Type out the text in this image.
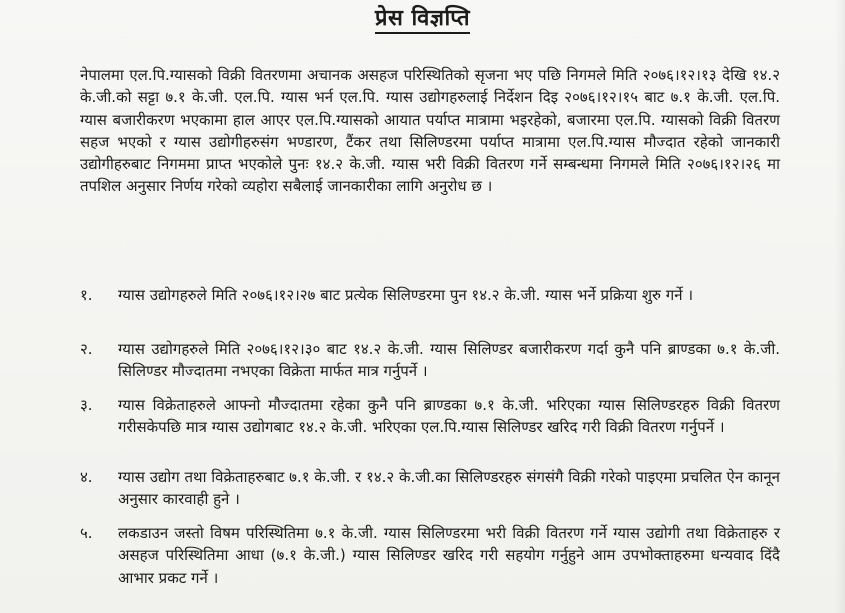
प्रेस विज्ञप्ति

नेपालमा एल.पि.ग्यासको विक्री वितरणमा अचानक असहज परिस्थितिको सृजना भए पछि निगमले मिति २०७६।१२।१३ देखि १४.२ के.जी.को सट्टा ७.१ के.जी. एल.पि. ग्यास भर्न एल.पि. ग्यास उद्योगहरुलाई निर्देशन दिइ २०७६।१२।१५ बाट ७.१ के.जी. एल.पि. ग्यास बजारीकरण भएकामा हाल आएर एल.पि.ग्यासको आयात पर्याप्त मात्रामा भइरहेको, बजारमा एल.पि. ग्यासको विक्री वितरण सहज भएको र ग्यास उद्योगीहरुसंग भण्डारण, टैंकर तथा सिलिण्डरमा पर्याप्त मात्रामा एल.पि.ग्यास मौज्दात रहेको जानकारी उद्योगीहरुबाट निगममा प्राप्त भएकोले पुनः १४.२ के.जी. ग्यास भरी विक्री वितरण गर्ने सम्बन्धमा निगमले मिति २०७६।१२।२६ मा तपशिल अनुसार निर्णय गरेको व्यहोरा सबैलाई जानकारीका लागि अनुरोध छ ।

१.	ग्यास उद्योगहरुले मिति २०७६।१२।२७ बाट प्रत्येक सिलिण्डरमा पुन १४.२ के.जी. ग्यास भर्ने प्रक्रिया शुरु गर्ने ।
२.	ग्यास उद्योगहरुले मिति २०७६।१२।३० बाट १४.२ के.जी. ग्यास सिलिण्डर बजारीकरण गर्दा कुनै पनि ब्राण्डका ७.१ के.जी. सिलिण्डर मौज्दातमा नभएका विक्रेता मार्फत मात्र गर्नुपर्ने ।
३.	ग्यास विक्रेताहरुले आफ्नो मौज्दातमा रहेका कुनै पनि ब्राण्डका ७.१ के.जी. भरिएका ग्यास सिलिण्डरहरु विक्री वितरण गरीसकेपछि मात्र ग्यास उद्योगबाट १४.२ के.जी. भरिएका एल.पि.ग्यास सिलिण्डर खरिद गरी विक्री वितरण गर्नुपर्ने ।
४.	ग्यास उद्योग तथा विक्रेताहरुबाट ७.१ के.जी. र १४.२ के.जी.का सिलिण्डरहरु संगसंगै विक्री गरेको पाइएमा प्रचलित ऐन कानून अनुसार कारवाही हुने ।
५.	लकडाउन जस्तो विषम परिस्थितिमा ७.१ के.जी. ग्यास सिलिण्डरमा भरी विक्री वितरण गर्ने ग्यास उद्योगी तथा विक्रेताहरु र असहज परिस्थितिमा आधा (७.१ के.जी.) ग्यास सिलिण्डर खरिद गरी सहयोग गर्नुहुने आम उपभोक्ताहरुमा धन्यवाद दिंदै आभार प्रकट गर्ने ।
